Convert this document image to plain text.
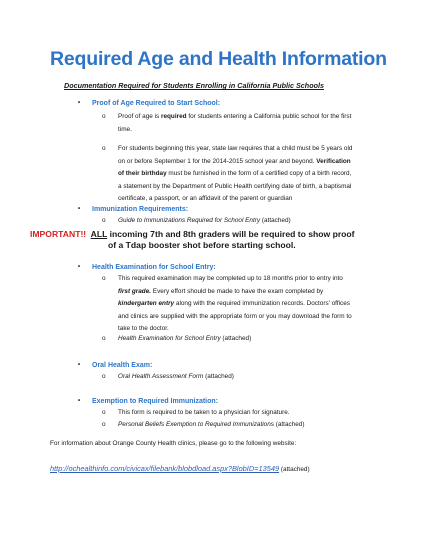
Required Age and Health Information
Documentation Required for Students Enrolling in California Public Schools
• Proof of Age Required to Start School:
o Proof of age is required for students entering a California public school for the first
time.
o For students beginning this year, state law requires that a child must be 5 years old
on or before September 1 for the 2014-2015 school year and beyond. Verification
of their birthday must be furnished in the form of a certified copy of a birth record,
a statement by the Department of Public Health certifying date of birth, a baptismal
certificate, a passport, or an affidavit of the parent or guardian
• Immunization Requirements:
o Guide to Immunizations Required for School Entry (attached)
IMPORTANT!! ALL incoming 7th and 8th graders will be required to show proof
of a Tdap booster shot before starting school.
• Health Examination for School Entry:
o This required examination may be completed up to 18 months prior to entry into
first grade. Every effort should be made to have the exam completed by
kindergarten entry along with the required immunization records. Doctors' offices
and clinics are supplied with the appropriate form or you may download the form to
take to the doctor.
o Health Examination for School Entry (attached)
• Oral Health Exam:
o Oral Health Assessment Form (attached)
• Exemption to Required Immunization:
o This form is required to be taken to a physician for signature.
o Personal Beliefs Exemption to Required Immunizations (attached)
For information about Orange County Health clinics, please go to the following website:
http://ochealthinfo.com/civicax/filebank/blobdload.aspx?BlobID=13549 (attached)
